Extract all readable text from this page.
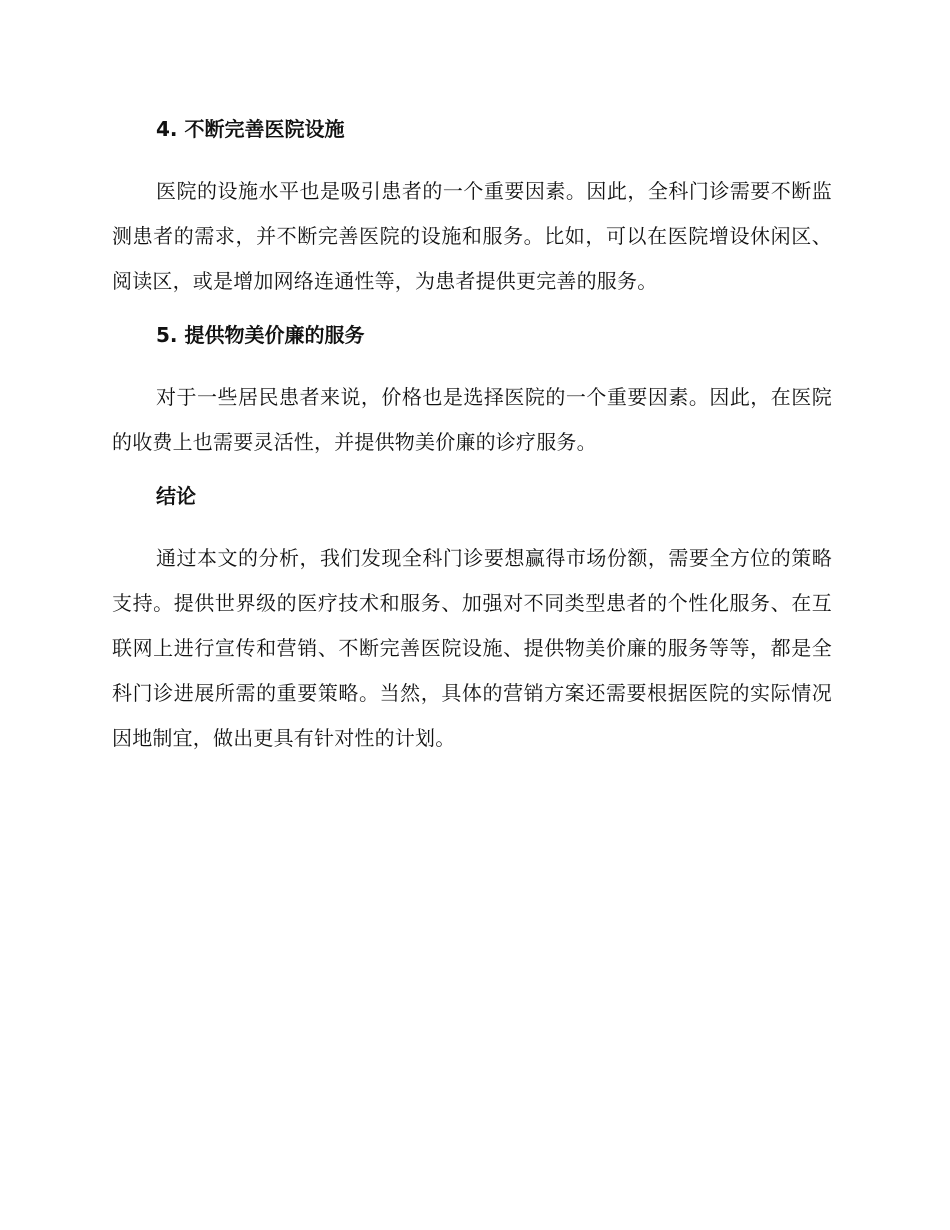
4. 不断完善医院设施

医院的设施水平也是吸引患者的一个重要因素。因此，全科门诊需要不断监测患者的需求，并不断完善医院的设施和服务。比如，可以在医院增设休闲区、阅读区，或是增加网络连通性等，为患者提供更完善的服务。

5. 提供物美价廉的服务

对于一些居民患者来说，价格也是选择医院的一个重要因素。因此，在医院的收费上也需要灵活性，并提供物美价廉的诊疗服务。

结论

通过本文的分析，我们发现全科门诊要想赢得市场份额，需要全方位的策略支持。提供世界级的医疗技术和服务、加强对不同类型患者的个性化服务、在互联网上进行宣传和营销、不断完善医院设施、提供物美价廉的服务等等，都是全科门诊进展所需的重要策略。当然，具体的营销方案还需要根据医院的实际情况因地制宜，做出更具有针对性的计划。
